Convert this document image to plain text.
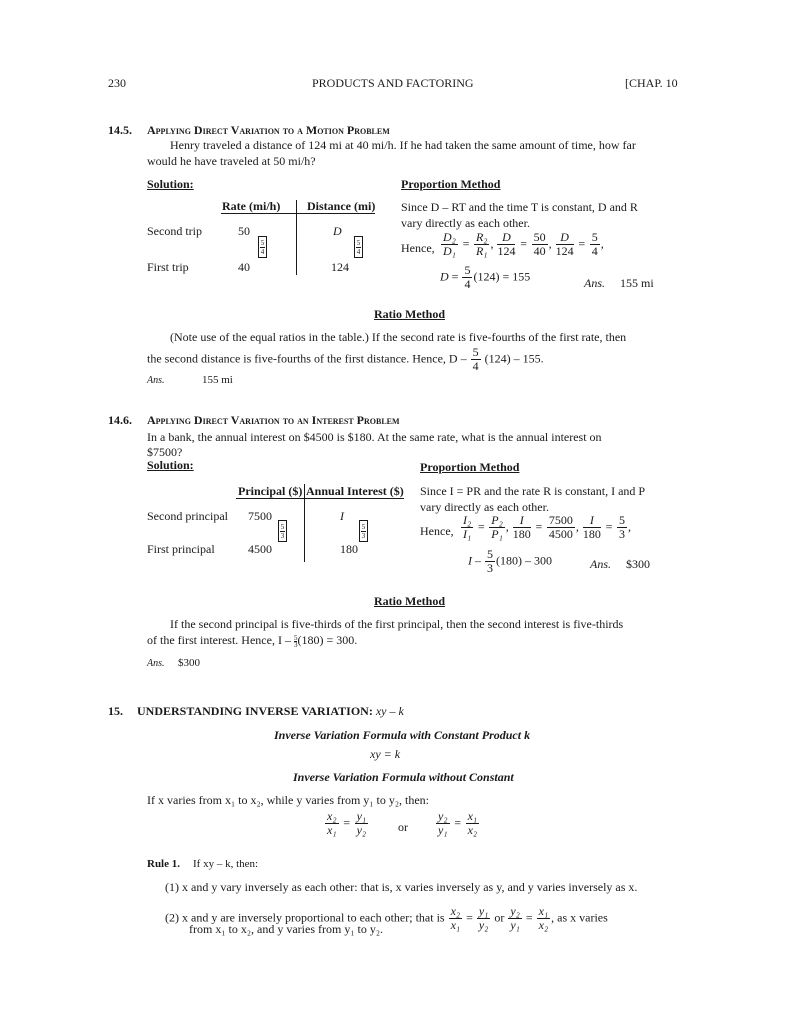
230	PRODUCTS AND FACTORING	[CHAP. 10
14.5. Applying Direct Variation to a Motion Problem
Henry traveled a distance of 124 mi at 40 mi/h. If he had taken the same amount of time, how far
would he have traveled at 50 mi/h?
Solution:	Proportion Method
Rate (mi/h) Distance (mi)
Second trip	50	D
First trip	40	124
5
4
5
4
Since D – RT and the time T is constant, D and R
vary directly as each other.
Hence, $\frac{\text{D₂}}{\text{D₁}} = \frac{\text{R₂}}{\text{R₁}}$ , $\frac{D}{124} = \frac{50}{40}$ , $\frac{D}{124} = \frac{5}{4}$ ,
$D = \frac{5}{4} (124) = 155$	Ans. 155 mi
Ratio Method
(Note use of the equal ratios in the table.) If the second rate is five-fourths of the first rate, then
the second distance is five-fourths of the first distance. Hence, D – $\frac{5}{4} (124) - 155$.
Ans.	155 mi
14.6. Applying Direct Variation to an Interest Problem
In a bank, the annual interest on $4500 is $180. At the same rate, what is the annual interest on
$7500?
Solution:	Proportion Method
Principal ($) Annual Interest ($)
Second principal 7500	I
First principal	4500	180
5
3
5
3
Since I = PR and the rate R is constant, I and P
vary directly as each other.
Hence, $\frac{\text{I₂}}{\text{I₁}} = \frac{\text{P₂}}{\text{P₁}}$ , $\frac{I}{180} = \frac{7500}{4500}$ , $\frac{I}{180} = \frac{5}{3}$ ,
I – $\frac{5}{3} (180) - 300$	Ans. $300
Ratio Method
If the second principal is five-thirds of the first principal, then the second interest is five-thirds
of the first interest. Hence, $I - \frac{5}{3} (180) = 300$.
Ans. $300
15. UNDERSTANDING INVERSE VARIATION: xy – k
Inverse Variation Formula with Constant Product k
xy = k
Inverse Variation Formula without Constant
If x varies from x₁ to x₂, while y varies from y₁ to y₂, then:
$\frac{\text{x₂}}{\text{x₁}} = \frac{\text{y₁}}{\text{y₂}}$ or $\frac{\text{y₂}}{\text{y₁}} = \frac{\text{x₁}}{\text{x₂}}$
Rule 1. If xy – k, then:
(1) x and y vary inversely as each other: that is, x varies inversely as y, and y varies inversely as x.
(2) x and y are inversely proportional to each other; that is $\frac{\text{x₂}}{\text{x₁}} = \frac{\text{y₁}}{\text{y₂}}$ or $\frac{\text{y₂}}{\text{y₁}} = \frac{\text{x₁}}{\text{x₂}}$ , as x varies
from x₁ to x₂, and y varies from y₁ to y₂.
